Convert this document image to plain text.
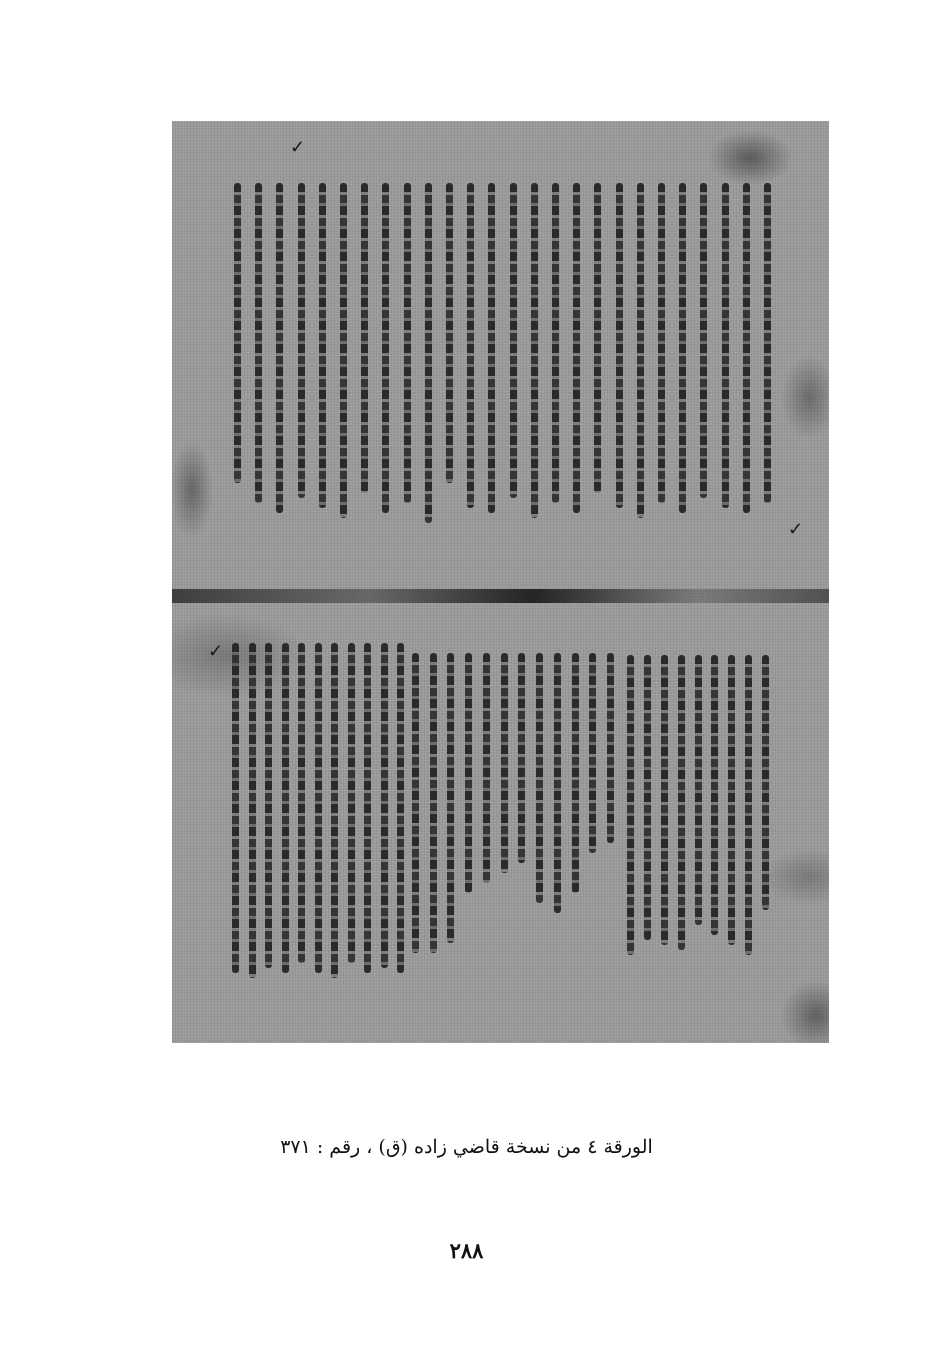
✓
✓
✓
الورقة ٤ من نسخة قاضي زاده (ق) ، رقم : ٣٧١
٢٨٨
